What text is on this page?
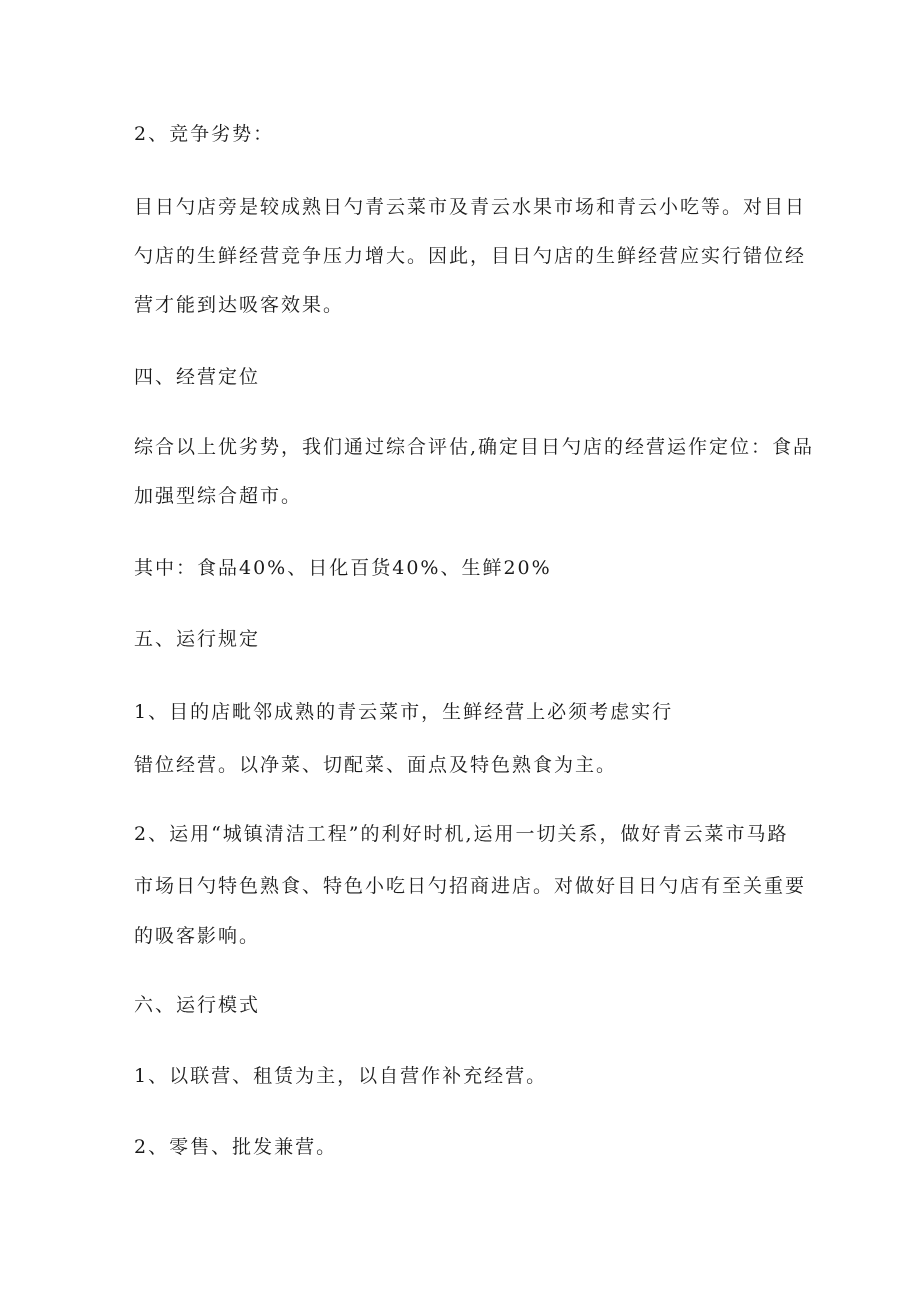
2、竞争劣势：
目日勺店旁是较成熟日勺青云菜市及青云水果市场和青云小吃等。对目日
勺店的生鲜经营竞争压力增大。因此，目日勺店的生鲜经营应实行错位经
营才能到达吸客效果。
四、经营定位
综合以上优劣势，我们通过综合评估,确定目日勺店的经营运作定位：食品
加强型综合超市。
其中：食品40%、日化百货40%、生鲜20%
五、运行规定
1、目的店毗邻成熟的青云菜市，生鲜经营上必须考虑实行
错位经营。以净菜、切配菜、面点及特色熟食为主。
2、运用“城镇清洁工程”的利好时机,运用一切关系，做好青云菜市马路
市场日勺特色熟食、特色小吃日勺招商进店。对做好目日勺店有至关重要
的吸客影响。
六、运行模式
1、以联营、租赁为主，以自营作补充经营。
2、零售、批发兼营。
